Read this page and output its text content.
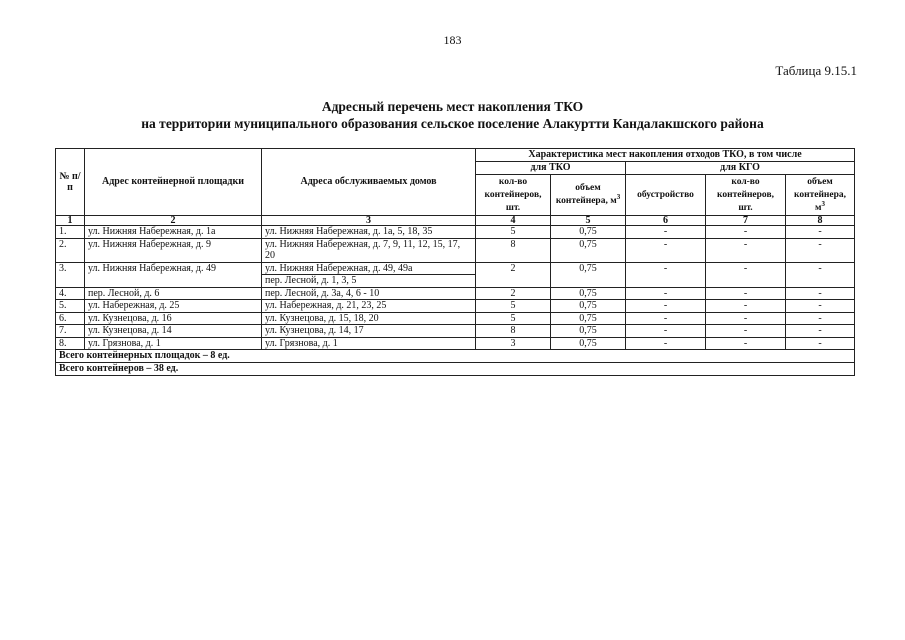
183
Таблица 9.15.1
Адресный перечень мест накопления ТКО
на территории муниципального образования сельское поселение Алакуртти Кандалакшского района
№ п/п	Адрес контейнерной площадки	Адреса обслуживаемых домов	Характеристика мест накопления отходов ТКО, в том числе				
			для ТКО		для КГО		
			кол-во контейнеров, шт.	объем контейнера, $м^3$	обустройство	кол-во контейнеров, шт.	объем контейнера, $м^3$
1	2	3	4	5	6	7	8
1.	ул. Нижняя Набережная, д. 1а	ул. Нижняя Набережная, д. 1а, 5, 18, 35	5	0,75	-	-	-
2.	ул. Нижняя Набережная, д. 9	ул. Нижняя Набережная, д. 7, 9, 11, 12, 15, 17, 20	8	0,75	-	-	-
3.	ул. Нижняя Набережная, д. 49	ул. Нижняя Набережная, д. 49, 49а	2	0,75	-	-	-
		пер. Лесной, д. 1, 3, 5					
4.	пер. Лесной, д. 6	пер. Лесной, д. 3а, 4, 6 - 10	2	0,75	-	-	-
5.	ул. Набережная, д. 25	ул. Набережная, д. 21, 23, 25	5	0,75	-	-	-
6.	ул. Кузнецова, д. 16	ул. Кузнецова, д. 15, 18, 20	5	0,75	-	-	-
7.	ул. Кузнецова, д. 14	ул. Кузнецова, д. 14, 17	8	0,75	-	-	-
8.	ул. Грязнова, д. 1	ул. Грязнова, д. 1	3	0,75	-	-	-
Всего контейнерных площадок – 8 ед.							
Всего контейнеров – 38 ед.							
